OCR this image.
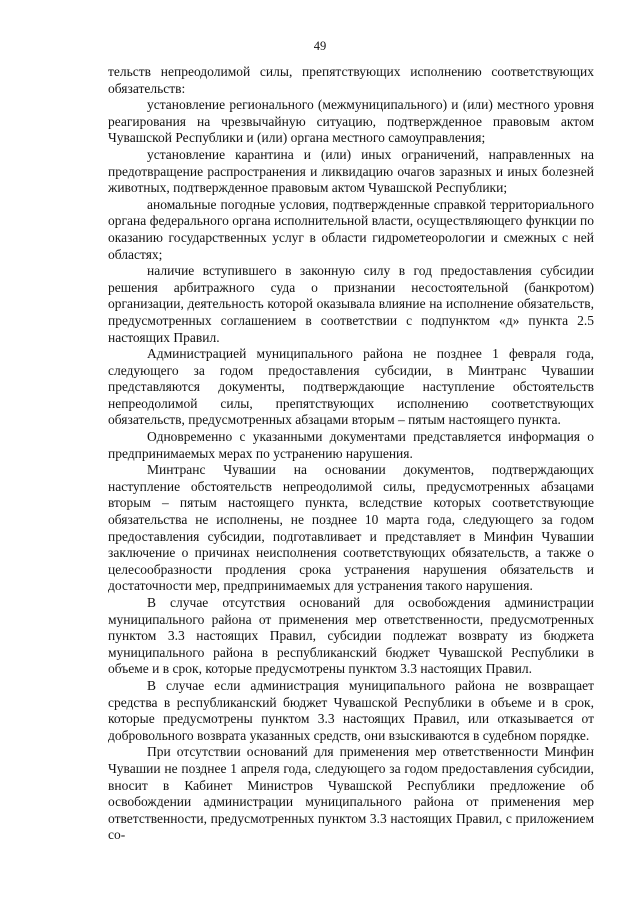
49

тельств непреодолимой силы, препятствующих исполнению соответствующих обязательств:

установление регионального (межмуниципального) и (или) местного уровня реагирования на чрезвычайную ситуацию, подтвержденное правовым актом Чувашской Республики и (или) органа местного самоуправления;

установление карантина и (или) иных ограничений, направленных на предотвращение распространения и ликвидацию очагов заразных и иных болезней животных, подтвержденное правовым актом Чувашской Республики;

аномальные погодные условия, подтвержденные справкой территориального органа федерального органа исполнительной власти, осуществляющего функции по оказанию государственных услуг в области гидрометеорологии и смежных с ней областях;

наличие вступившего в законную силу в год предоставления субсидии решения арбитражного суда о признании несостоятельной (банкротом) организации, деятельность которой оказывала влияние на исполнение обязательств, предусмотренных соглашением в соответствии с подпунктом «д» пункта 2.5 настоящих Правил.

Администрацией муниципального района не позднее 1 февраля года, следующего за годом предоставления субсидии, в Минтранс Чувашии представляются документы, подтверждающие наступление обстоятельств непреодолимой силы, препятствующих исполнению соответствующих обязательств, предусмотренных абзацами вторым – пятым настоящего пункта.

Одновременно с указанными документами представляется информация о предпринимаемых мерах по устранению нарушения.

Минтранс Чувашии на основании документов, подтверждающих наступление обстоятельств непреодолимой силы, предусмотренных абзацами вторым – пятым настоящего пункта, вследствие которых соответствующие обязательства не исполнены, не позднее 10 марта года, следующего за годом предоставления субсидии, подготавливает и представляет в Минфин Чувашии заключение о причинах неисполнения соответствующих обязательств, а также о целесообразности продления срока устранения нарушения обязательств и достаточности мер, предпринимаемых для устранения такого нарушения.

В случае отсутствия оснований для освобождения администрации муниципального района от применения мер ответственности, предусмотренных пунктом 3.3 настоящих Правил, субсидии подлежат возврату из бюджета муниципального района в республиканский бюджет Чувашской Республики в объеме и в срок, которые предусмотрены пунктом 3.3 настоящих Правил.

В случае если администрация муниципального района не возвращает средства в республиканский бюджет Чувашской Республики в объеме и в срок, которые предусмотрены пунктом 3.3 настоящих Правил, или отказывается от добровольного возврата указанных средств, они взыскиваются в судебном порядке.

При отсутствии оснований для применения мер ответственности Минфин Чувашии не позднее 1 апреля года, следующего за годом предоставления субсидии, вносит в Кабинет Министров Чувашской Республики предложение об освобождении администрации муниципального района от применения мер ответственности, предусмотренных пунктом 3.3 настоящих Правил, с приложением со-
